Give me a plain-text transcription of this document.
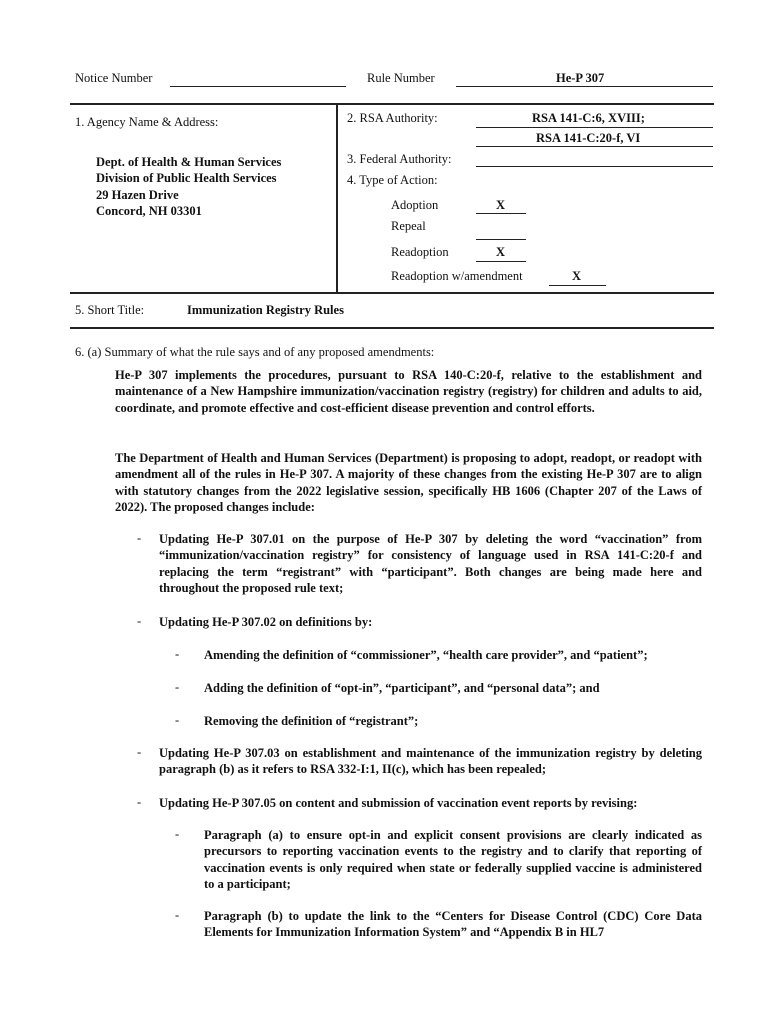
Notice Number	Rule Number	He-P 307
1. Agency Name & Address:
Dept. of Health & Human Services
Division of Public Health Services
29 Hazen Drive
Concord, NH 03301
2. RSA Authority:	RSA 141-C:6, XVIII;
RSA 141-C:20-f, VI
3. Federal Authority:
4. Type of Action:
Adoption	X
Repeal
Readoption	X
Readoption w/amendment	X
5. Short Title:	Immunization Registry Rules
6. (a) Summary of what the rule says and of any proposed amendments:
He-P 307 implements the procedures, pursuant to RSA 140-C:20-f, relative to the establishment and maintenance of a New Hampshire immunization/vaccination registry (registry) for children and adults to aid, coordinate, and promote effective and cost-efficient disease prevention and control efforts.
The Department of Health and Human Services (Department) is proposing to adopt, readopt, or readopt with amendment all of the rules in He-P 307. A majority of these changes from the existing He-P 307 are to align with statutory changes from the 2022 legislative session, specifically HB 1606 (Chapter 207 of the Laws of 2022). The proposed changes include:
- Updating He-P 307.01 on the purpose of He-P 307 by deleting the word “vaccination” from “immunization/vaccination registry” for consistency of language used in RSA 141-C:20-f and replacing the term “registrant” with “participant”. Both changes are being made here and throughout the proposed rule text;
- Updating He-P 307.02 on definitions by:
- Amending the definition of “commissioner”, “health care provider”, and “patient”;
- Adding the definition of “opt-in”, “participant”, and “personal data”; and
- Removing the definition of “registrant”;
- Updating He-P 307.03 on establishment and maintenance of the immunization registry by deleting paragraph (b) as it refers to RSA 332-I:1, II(c), which has been repealed;
- Updating He-P 307.05 on content and submission of vaccination event reports by revising:
- Paragraph (a) to ensure opt-in and explicit consent provisions are clearly indicated as precursors to reporting vaccination events to the registry and to clarify that reporting of vaccination events is only required when state or federally supplied vaccine is administered to a participant;
- Paragraph (b) to update the link to the “Centers for Disease Control (CDC) Core Data Elements for Immunization Information System” and “Appendix B in HL7
